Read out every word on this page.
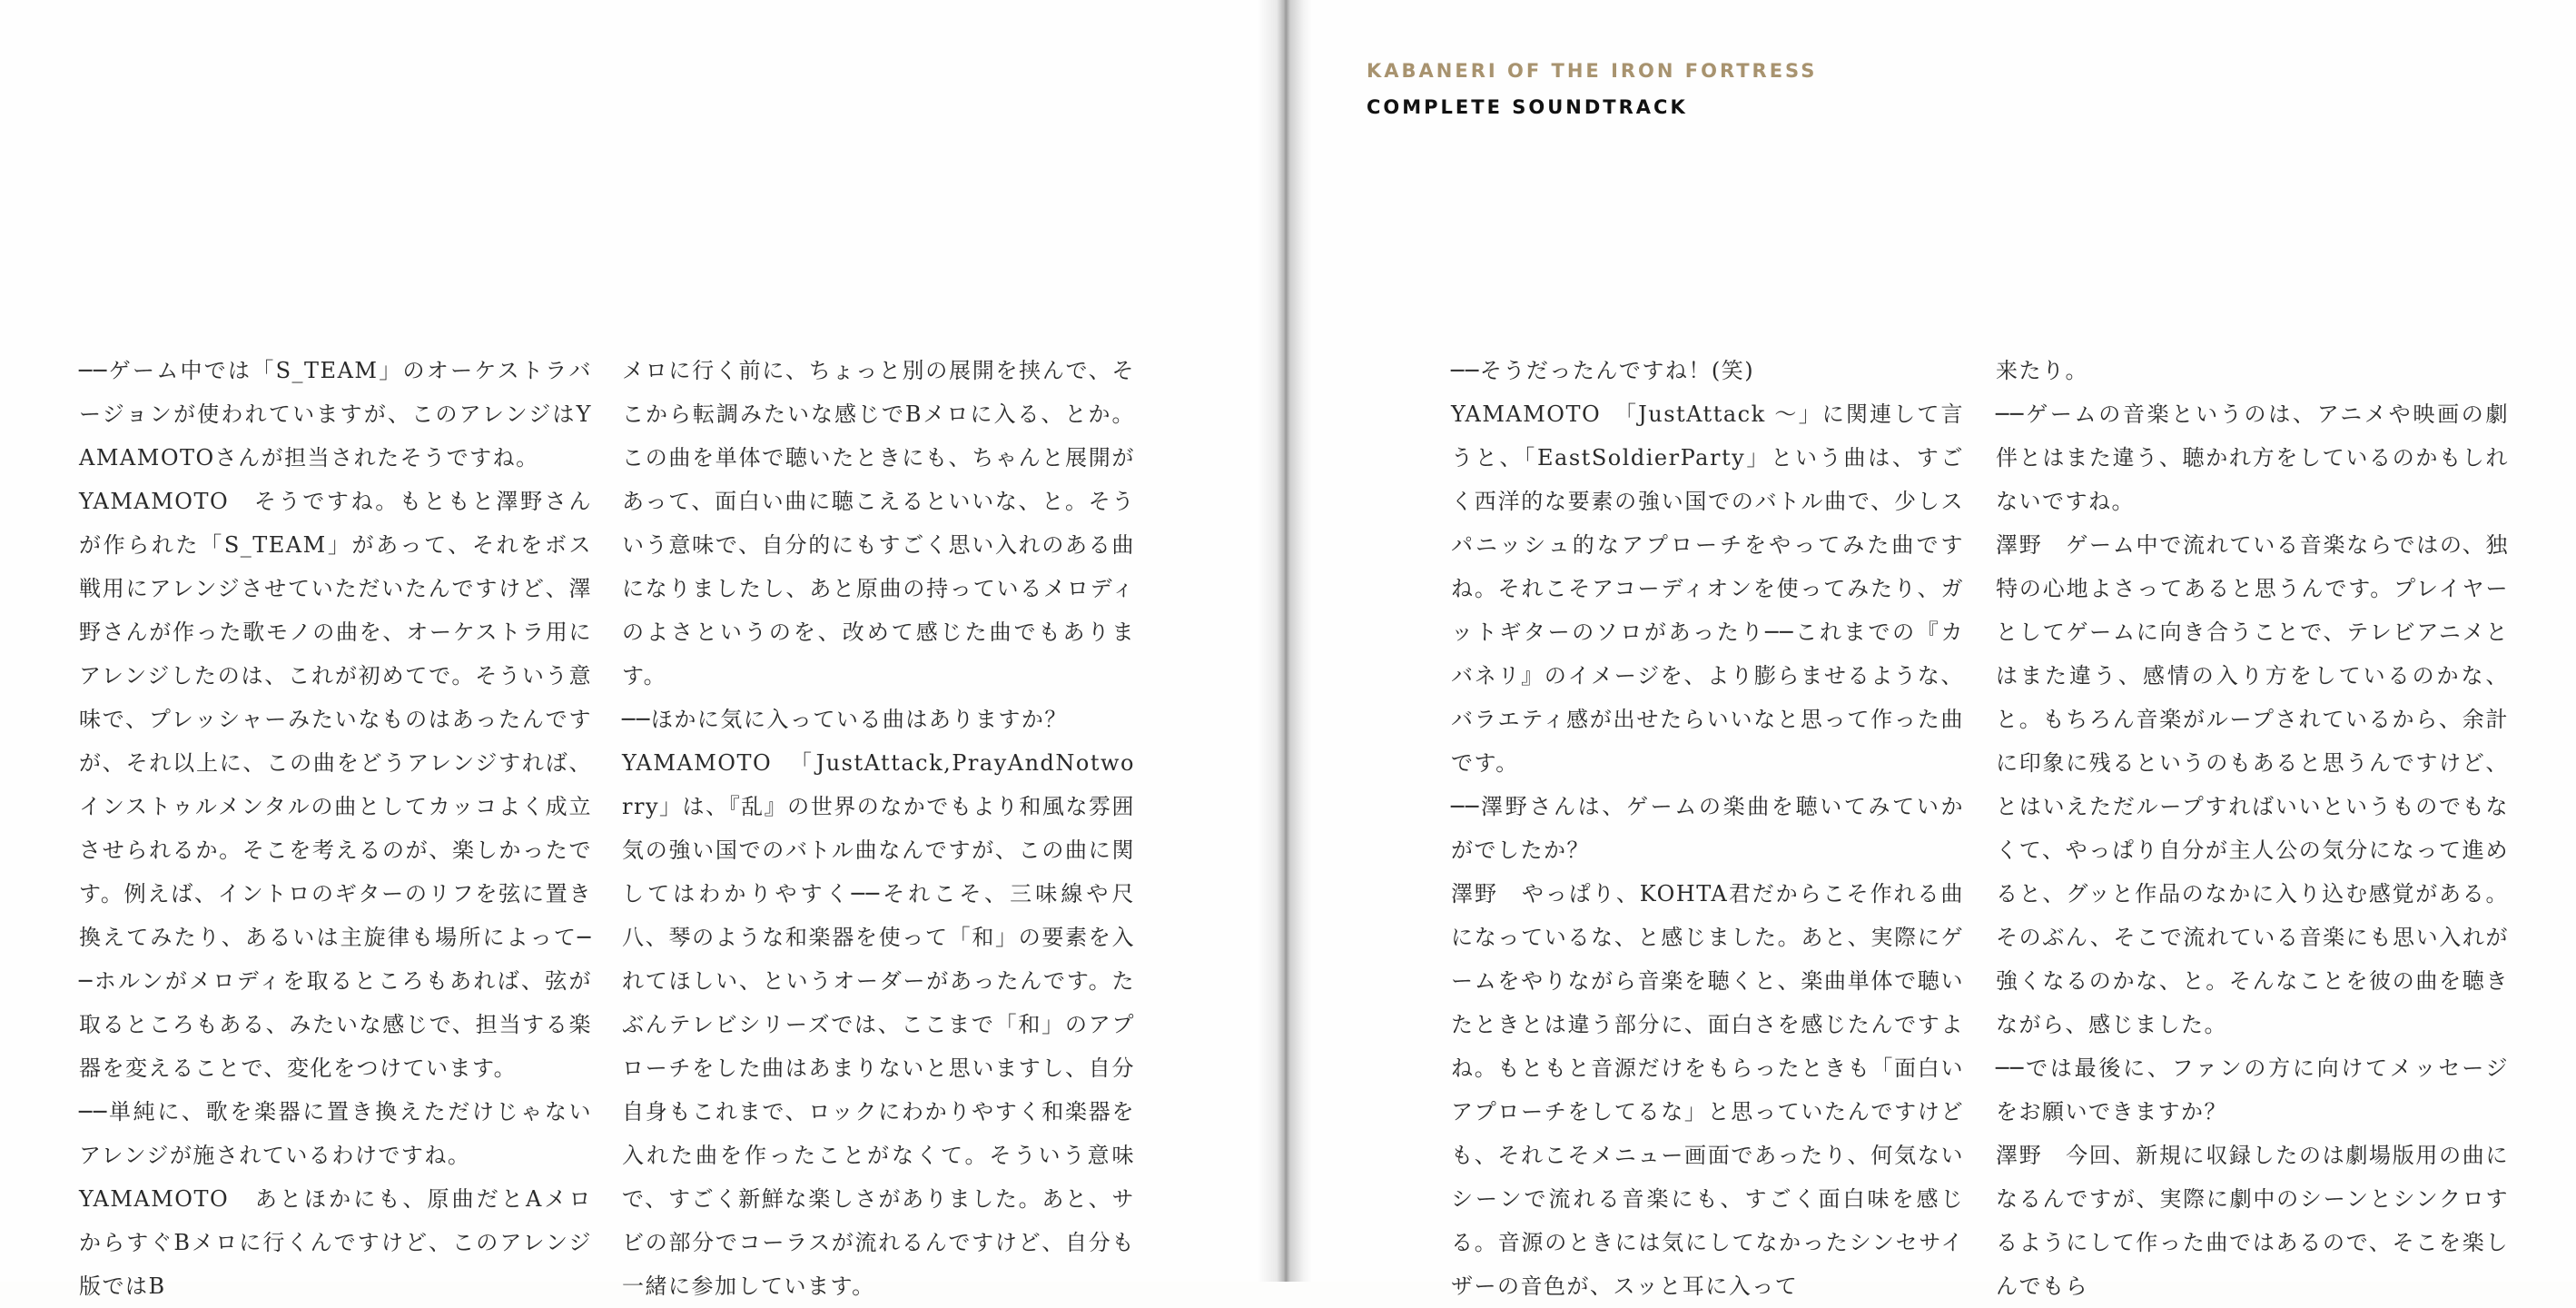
KABANERI OF THE IRON FORTRESS
COMPLETE SOUNDTRACK

──ゲーム中では「S_TEAM」のオーケストラバージョンが使われていますが、このアレンジはYAMAMOTOさんが担当されたそうですね。

YAMAMOTO　そうですね。もともと澤野さんが作られた「S_TEAM」があって、それをボス戦用にアレンジさせていただいたんですけど、澤野さんが作った歌モノの曲を、オーケストラ用にアレンジしたのは、これが初めてで。そういう意味で、プレッシャーみたいなものはあったんですが、それ以上に、この曲をどうアレンジすれば、インストゥルメンタルの曲としてカッコよく成立させられるか。そこを考えるのが、楽しかったです。例えば、イントロのギターのリフを弦に置き換えてみたり、あるいは主旋律も場所によって──ホルンがメロディを取るところもあれば、弦が取るところもある、みたいな感じで、担当する楽器を変えることで、変化をつけています。

──単純に、歌を楽器に置き換えただけじゃないアレンジが施されているわけですね。

YAMAMOTO　あとほかにも、原曲だとAメロからすぐBメロに行くんですけど、このアレンジ版ではB

メロに行く前に、ちょっと別の展開を挟んで、そこから転調みたいな感じでBメロに入る、とか。この曲を単体で聴いたときにも、ちゃんと展開があって、面白い曲に聴こえるといいな、と。そういう意味で、自分的にもすごく思い入れのある曲になりましたし、あと原曲の持っているメロディのよさというのを、改めて感じた曲でもあります。

──ほかに気に入っている曲はありますか？

YAMAMOTO　「JustAttack,PrayAndNotworry」は、『乱』の世界のなかでもより和風な雰囲気の強い国でのバトル曲なんですが、この曲に関してはわかりやすく──それこそ、三味線や尺八、琴のような和楽器を使って「和」の要素を入れてほしい、というオーダーがあったんです。たぶんテレビシリーズでは、ここまで「和」のアプローチをした曲はあまりないと思いますし、自分自身もこれまで、ロックにわかりやすく和楽器を入れた曲を作ったことがなくて。そういう意味で、すごく新鮮な楽しさがありました。あと、サビの部分でコーラスが流れるんですけど、自分も一緒に参加しています。

──そうだったんですね！(笑)

YAMAMOTO　「JustAttack 〜」に関連して言うと、「EastSoldierParty」という曲は、すごく西洋的な要素の強い国でのバトル曲で、少しスパニッシュ的なアプローチをやってみた曲ですね。それこそアコーディオンを使ってみたり、ガットギターのソロがあったり──これまでの『カバネリ』のイメージを、より膨らませるような、バラエティ感が出せたらいいなと思って作った曲です。

──澤野さんは、ゲームの楽曲を聴いてみていかがでしたか？

澤野　やっぱり、KOHTA君だからこそ作れる曲になっているな、と感じました。あと、実際にゲームをやりながら音楽を聴くと、楽曲単体で聴いたときとは違う部分に、面白さを感じたんですよね。もともと音源だけをもらったときも「面白いアプローチをしてるな」と思っていたんですけども、それこそメニュー画面であったり、何気ないシーンで流れる音楽にも、すごく面白味を感じる。音源のときには気にしてなかったシンセサイザーの音色が、スッと耳に入って

来たり。

──ゲームの音楽というのは、アニメや映画の劇伴とはまた違う、聴かれ方をしているのかもしれないですね。

澤野　ゲーム中で流れている音楽ならではの、独特の心地よさってあると思うんです。プレイヤーとしてゲームに向き合うことで、テレビアニメとはまた違う、感情の入り方をしているのかな、と。もちろん音楽がループされているから、余計に印象に残るというのもあると思うんですけど、とはいえただループすればいいというものでもなくて、やっぱり自分が主人公の気分になって進めると、グッと作品のなかに入り込む感覚がある。そのぶん、そこで流れている音楽にも思い入れが強くなるのかな、と。そんなことを彼の曲を聴きながら、感じました。

──では最後に、ファンの方に向けてメッセージをお願いできますか？

澤野　今回、新規に収録したのは劇場版用の曲になるんですが、実際に劇中のシーンとシンクロするようにして作った曲ではあるので、そこを楽しんでもら
